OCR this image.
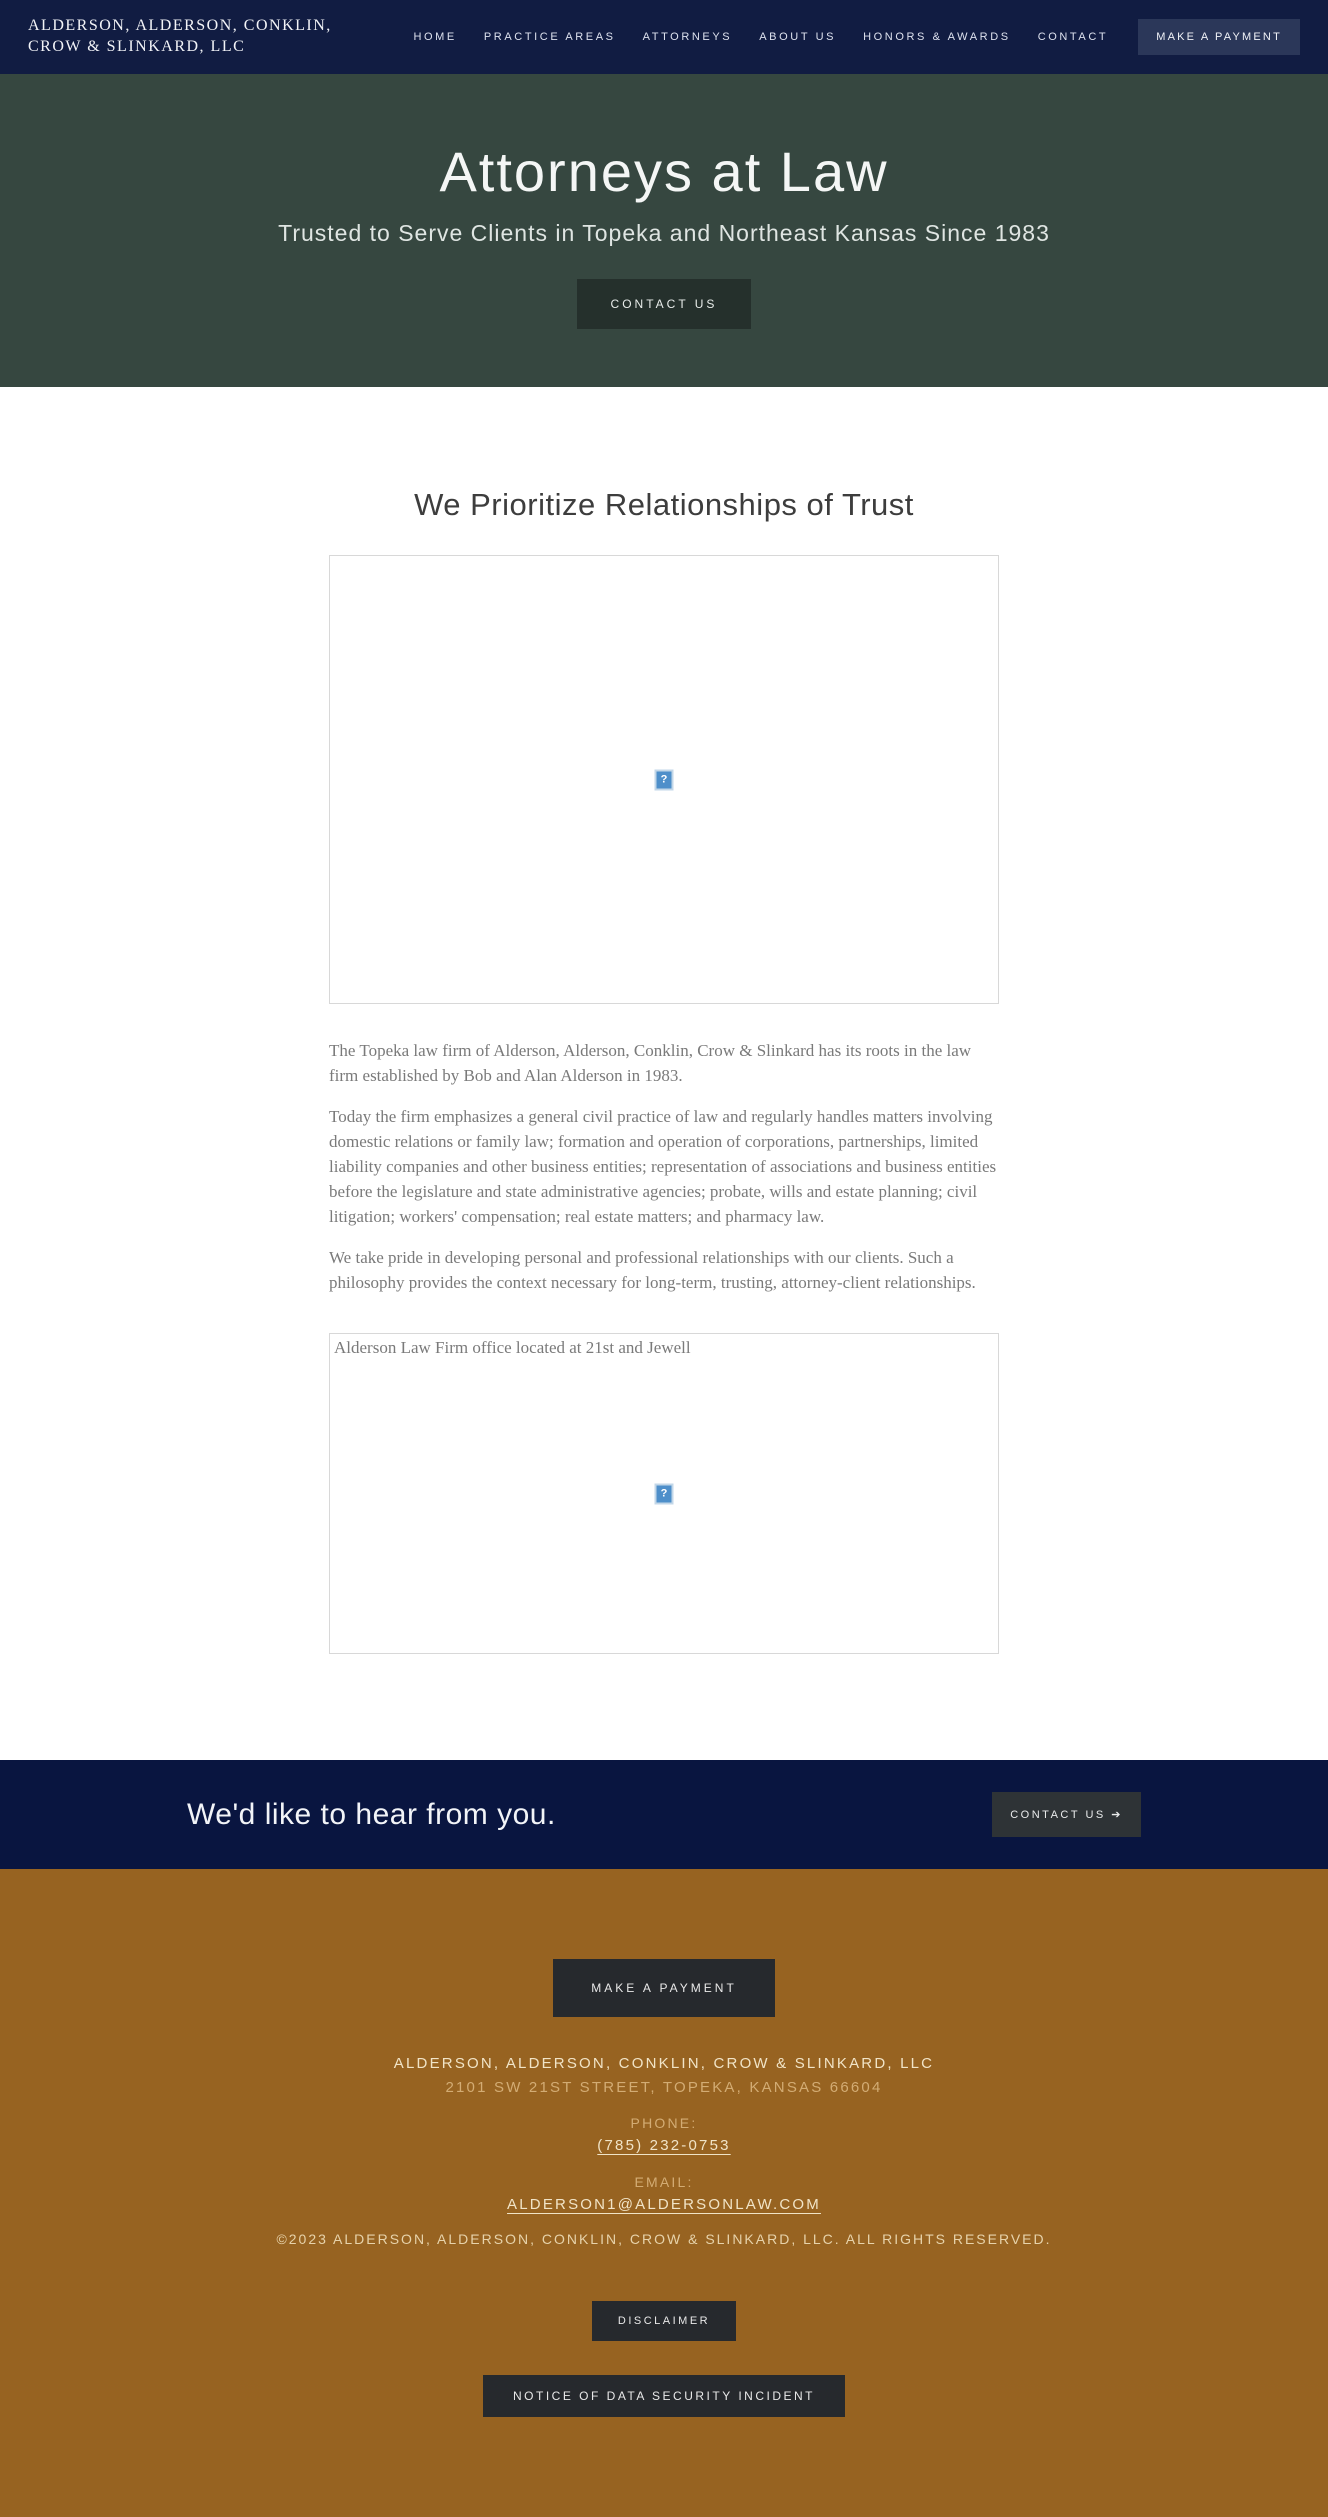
ALDERSON, ALDERSON, CONKLIN,
CROW & SLINKARD, LLC
HOME PRACTICE AREAS ATTORNEYS ABOUT US HONORS & AWARDS CONTACT	MAKE A PAYMENT
Attorneys at Law
Trusted to Serve Clients in Topeka and Northeast Kansas Since 1983
CONTACT US
We Prioritize Relationships of Trust
?

The Topeka law firm of Alderson, Alderson, Conklin, Crow & Slinkard has its roots in the law firm established by Bob and Alan Alderson in 1983.

Today the firm emphasizes a general civil practice of law and regularly handles matters involving domestic relations or family law; formation and operation of corporations, partnerships, limited liability companies and other business entities; representation of associations and business entities before the legislature and state administrative agencies; probate, wills and estate planning; civil litigation; workers' compensation; real estate matters; and pharmacy law.

We take pride in developing personal and professional relationships with our clients. Such a philosophy provides the context necessary for long-term, trusting, attorney-client relationships.

Alderson Law Firm office located at 21st and Jewell
?
We'd like to hear from you.	CONTACT US ➔
MAKE A PAYMENT
ALDERSON, ALDERSON, CONKLIN, CROW & SLINKARD, LLC
2101 SW 21ST STREET, TOPEKA, KANSAS 66604
PHONE:
(785) 232-0753
EMAIL:
ALDERSON1@ALDERSONLAW.COM
©2023 ALDERSON, ALDERSON, CONKLIN, CROW & SLINKARD, LLC. ALL RIGHTS RESERVED.
DISCLAIMER
NOTICE OF DATA SECURITY INCIDENT
